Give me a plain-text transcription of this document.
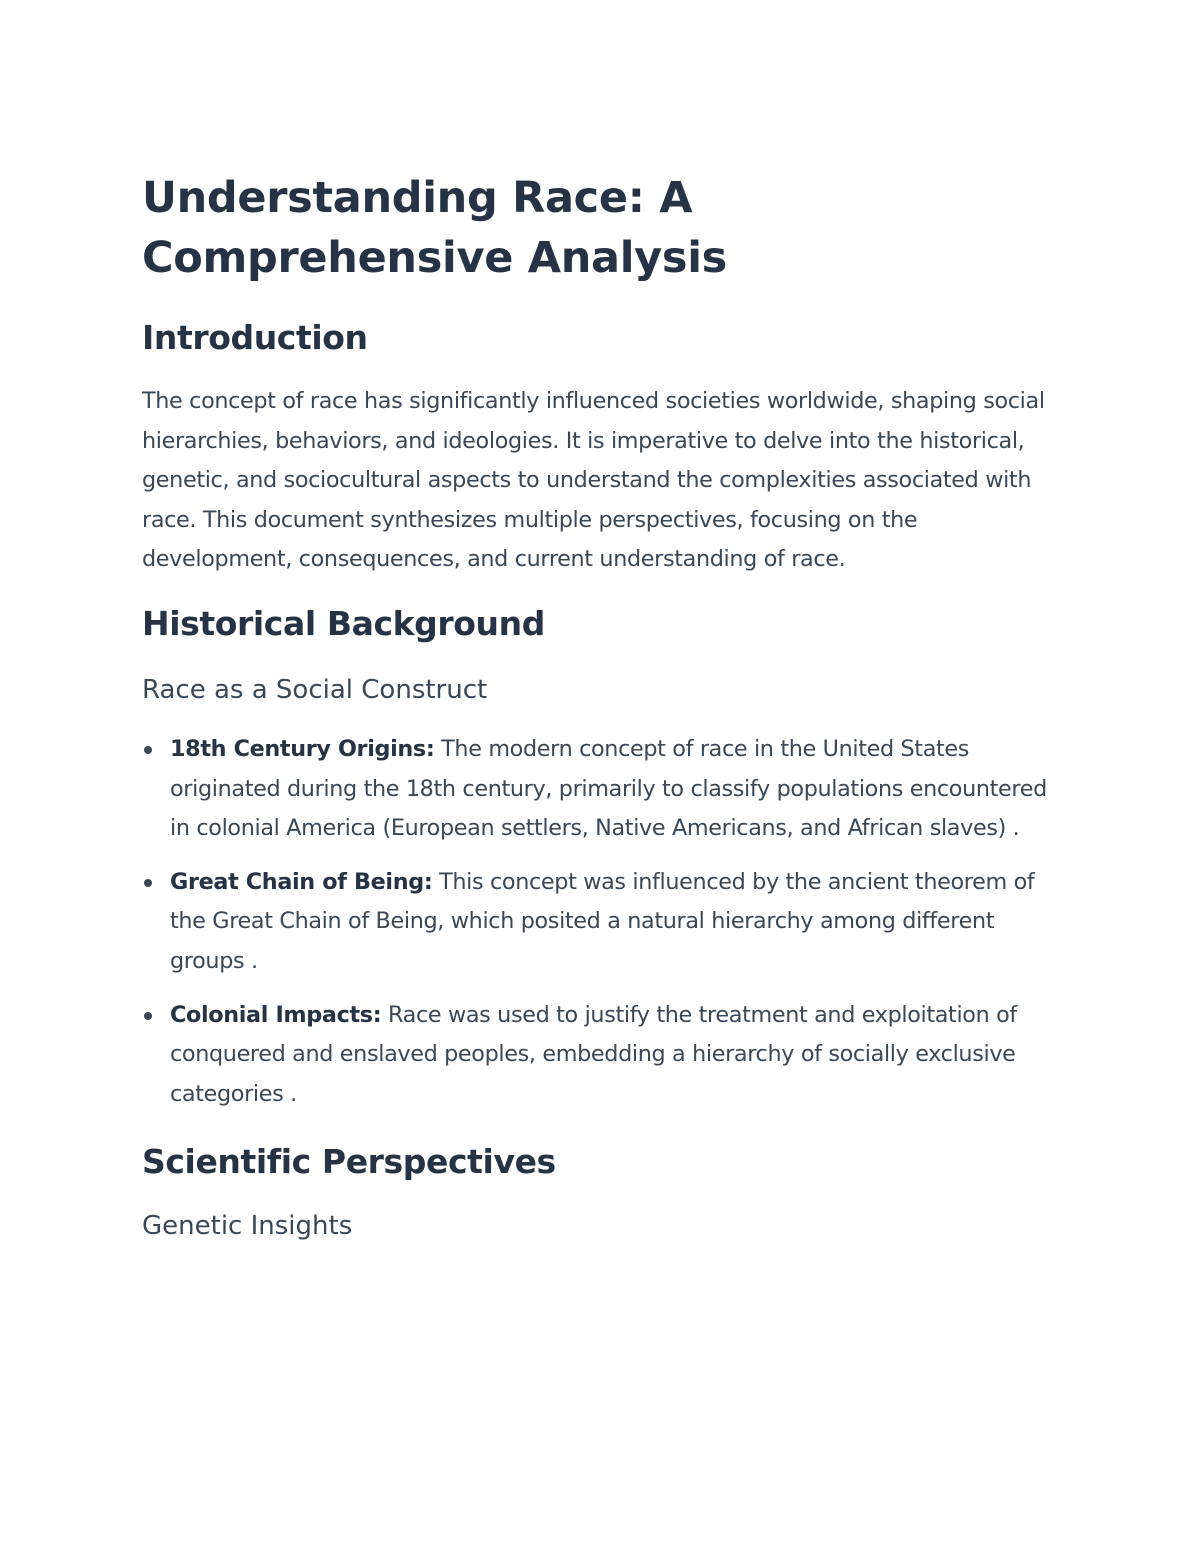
Understanding Race: A Comprehensive Analysis
Introduction

The concept of race has significantly influenced societies worldwide, shaping social hierarchies, behaviors, and ideologies. It is imperative to delve into the historical, genetic, and sociocultural aspects to understand the complexities associated with race. This document synthesizes multiple perspectives, focusing on the development, consequences, and current understanding of race.

Historical Background
Race as a Social Construct
18th Century Origins: The modern concept of race in the United States originated during the 18th century, primarily to classify populations encountered in colonial America (European settlers, Native Americans, and African slaves) .
Great Chain of Being: This concept was influenced by the ancient theorem of the Great Chain of Being, which posited a natural hierarchy among different groups .
Colonial Impacts: Race was used to justify the treatment and exploitation of conquered and enslaved peoples, embedding a hierarchy of socially exclusive categories .
Scientific Perspectives
Genetic Insights
